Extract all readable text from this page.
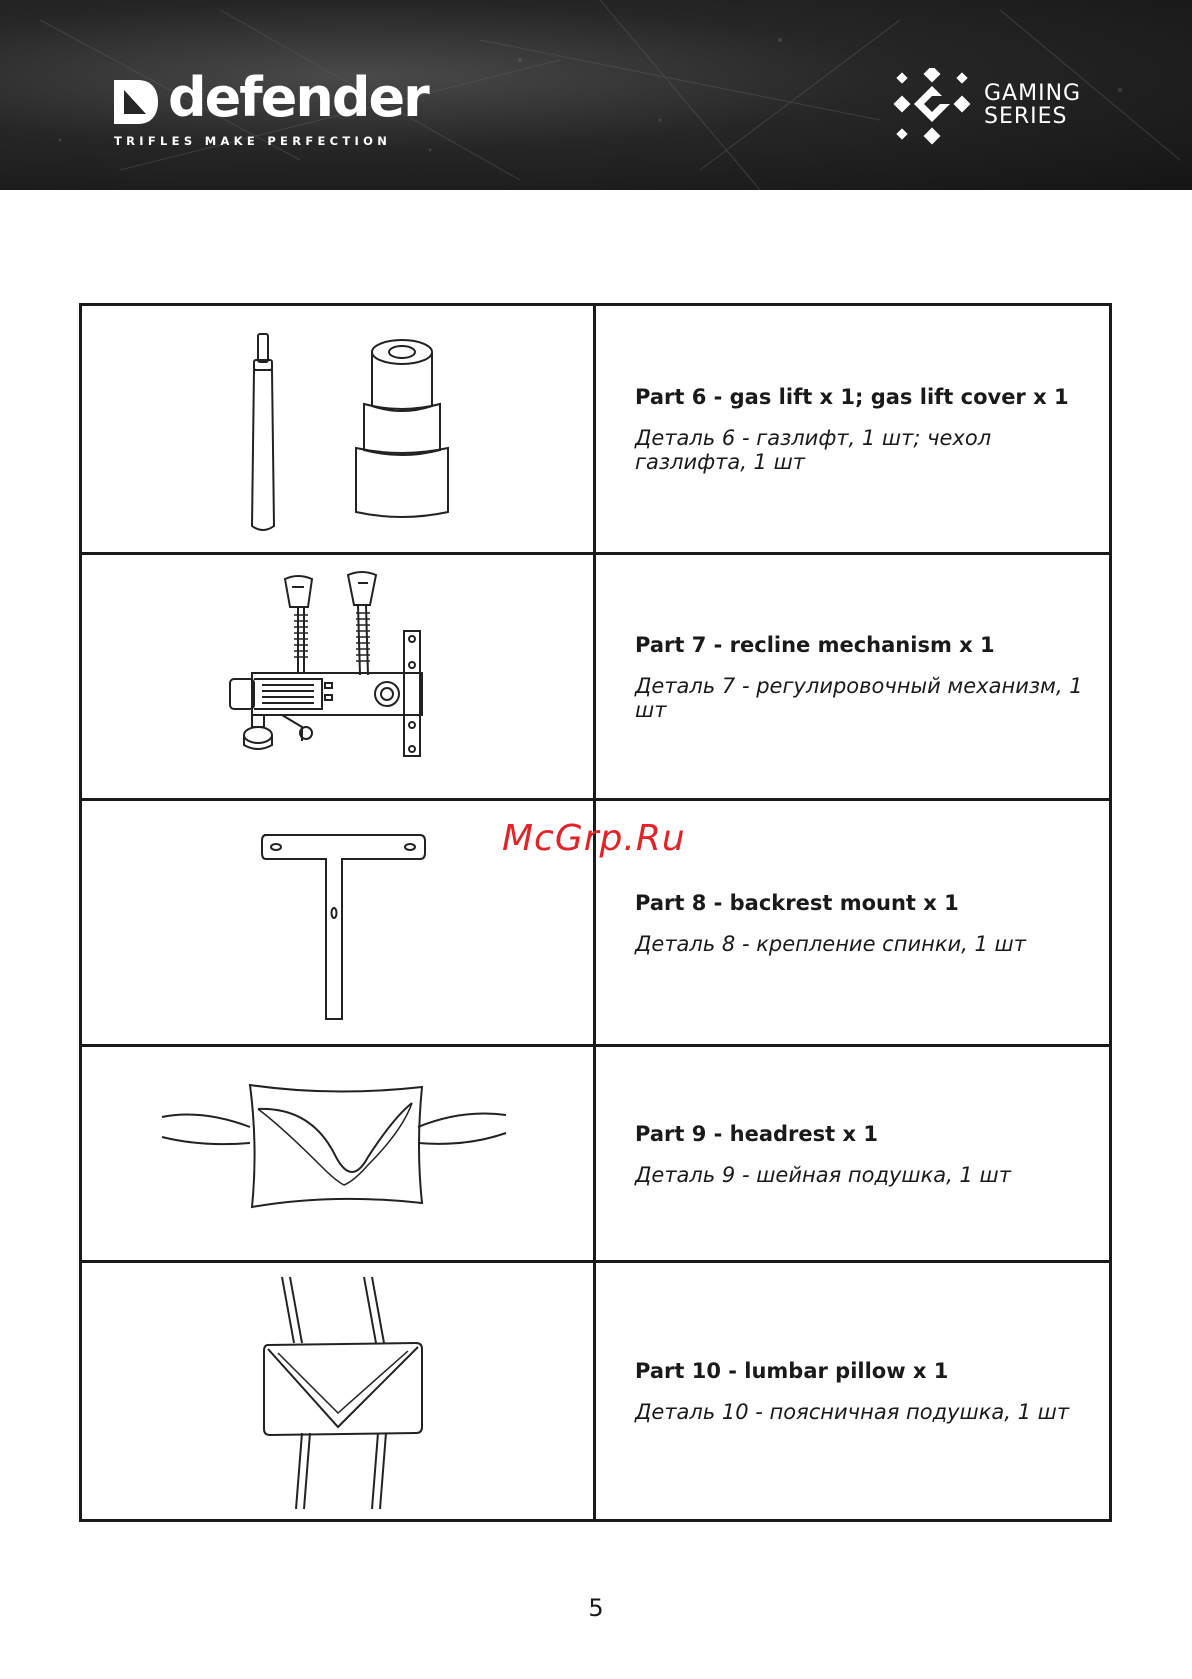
defender
TRIFLES MAKE PERFECTION
GAMING
SERIES

Part 6 - gas lift x 1; gas lift cover x 1

Деталь 6 - газлифт, 1 шт; чехол газлифта, 1 шт

Part 7 - recline mechanism x 1

Деталь 7 - регулировочный механизм, 1 шт

Part 8 - backrest mount x 1

Деталь 8 - крепление спинки, 1 шт

Part 9 - headrest x 1

Деталь 9 - шейная подушка, 1 шт

Part 10 - lumbar pillow x 1

Деталь 10 - поясничная подушка, 1 шт

McGrp.Ru
5
